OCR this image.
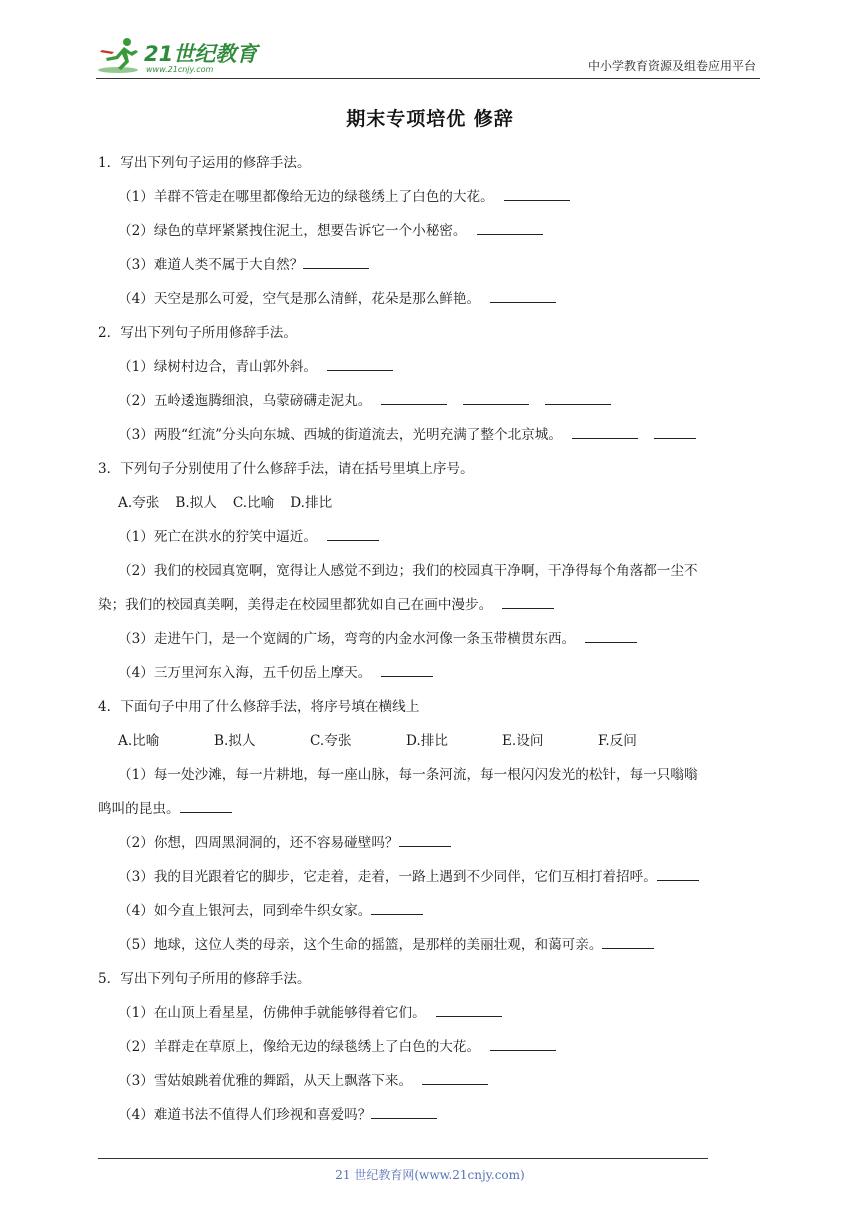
21世纪教育
www.21cnjy.com	中小学教育资源及组卷应用平台
期末专项培优 修辞
1．写出下列句子运用的修辞手法。
（1）羊群不管走在哪里都像给无边的绿毯绣上了白色的大花。
（2）绿色的草坪紧紧拽住泥土，想要告诉它一个小秘密。
（3）难道人类不属于大自然？
（4）天空是那么可爱，空气是那么清鲜，花朵是那么鲜艳。
2．写出下列句子所用修辞手法。
（1）绿树村边合，青山郭外斜。
（2）五岭逶迤腾细浪，乌蒙磅礴走泥丸。
（3）两股“红流”分头向东城、西城的街道流去，光明充满了整个北京城。
3．下列句子分别使用了什么修辞手法，请在括号里填上序号。
A.夸张 B.拟人 C.比喻 D.排比
（1）死亡在洪水的狞笑中逼近。
（2）我们的校园真宽啊，宽得让人感觉不到边；我们的校园真干净啊，干净得每个角落都一尘不
染；我们的校园真美啊，美得走在校园里都犹如自己在画中漫步。
（3）走进午门，是一个宽阔的广场，弯弯的内金水河像一条玉带横贯东西。
（4）三万里河东入海，五千仞岳上摩天。
4．下面句子中用了什么修辞手法，将序号填在横线上
A.比喻	B.拟人	C.夸张	D.排比	E.设问	F.反问
（1）每一处沙滩，每一片耕地，每一座山脉，每一条河流，每一根闪闪发光的松针，每一只嗡嗡
鸣叫的昆虫。
（2）你想，四周黑洞洞的，还不容易碰壁吗？
（3）我的目光跟着它的脚步，它走着，走着，一路上遇到不少同伴，它们互相打着招呼。
（4）如今直上银河去，同到牵牛织女家。
（5）地球，这位人类的母亲，这个生命的摇篮，是那样的美丽壮观，和蔼可亲。
5．写出下列句子所用的修辞手法。
（1）在山顶上看星星，仿佛伸手就能够得着它们。
（2）羊群走在草原上，像给无边的绿毯绣上了白色的大花。
（3）雪姑娘跳着优雅的舞蹈，从天上飘落下来。
（4）难道书法不值得人们珍视和喜爱吗？
21 世纪教育网(www.21cnjy.com)
